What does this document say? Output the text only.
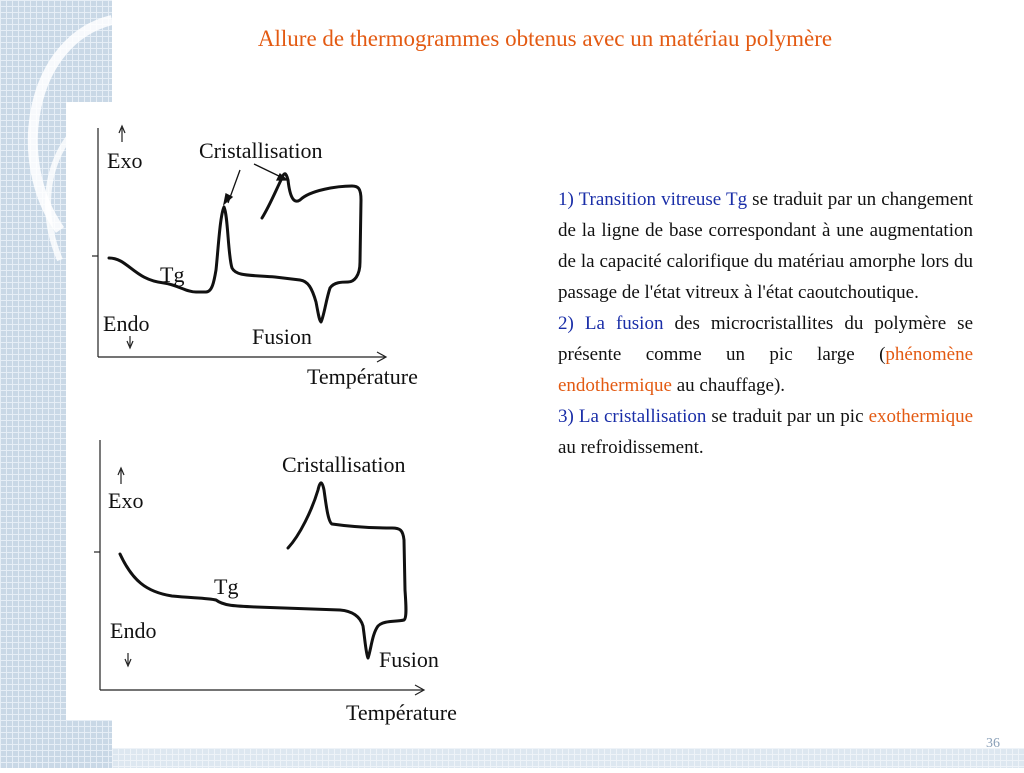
Allure de thermogrammes obtenus avec un matériau polymère
Exo	Cristallisation
Tg
Endo
Fusion
Température
Cristallisation
Exo
Tg
Endo
Fusion
Température

1) Transition vitreuse Tg se traduit par un changement de la ligne de base correspondant à une augmentation de la capacité calorifique du matériau amorphe lors du passage de l'état vitreux à l'état caoutchoutique.

2) La fusion des microcristallites du polymère se présente comme un pic large (phénomène endothermique au chauffage).

3) La cristallisation se traduit par un pic exothermique au refroidissement.

36
